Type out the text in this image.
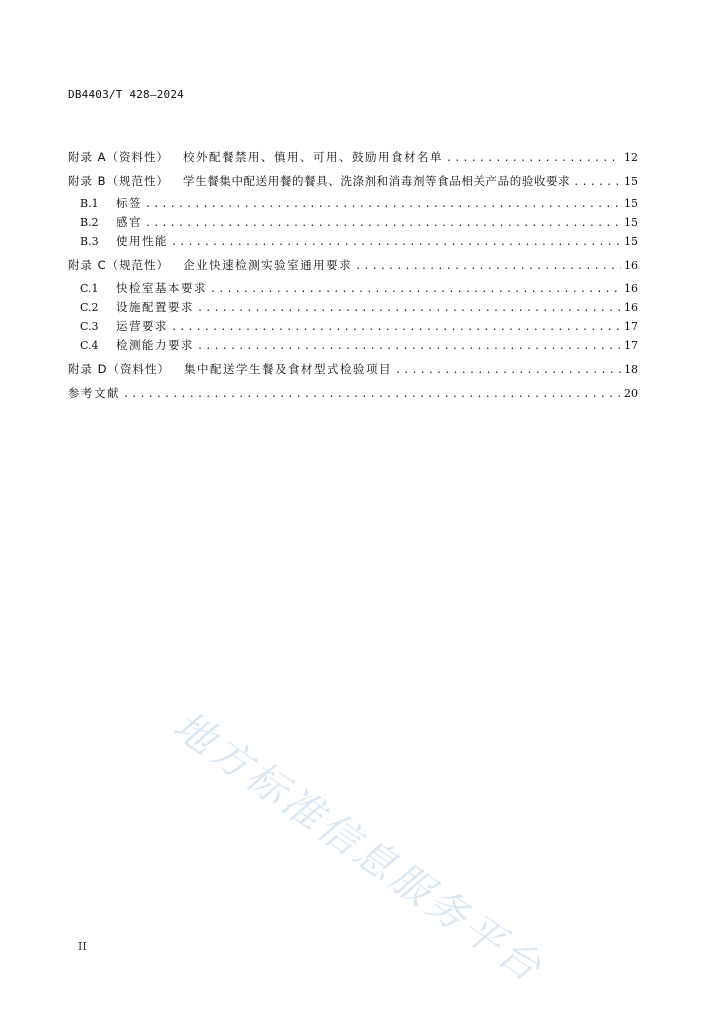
DB4403/T 428—2024
附录 A（资料性） 校外配餐禁用、慎用、可用、鼓励用食材名单 .....	12
附录 B（规范性） 学生餐集中配送用餐的餐具、洗涤剂和消毒剂等食品相关产品的验收要求 .....	15
B.1	标签 .....	15
B.2	感官 .....	15
B.3	使用性能 .....	15
附录 C（规范性） 企业快速检测实验室通用要求 .....	16
C.1	快检室基本要求 .....	16
C.2	设施配置要求 .....	16
C.3	运营要求 .....	17
C.4	检测能力要求 .....	17
附录 D（资料性） 集中配送学生餐及食材型式检验项目 .....	18
参考文献 .....	20
地方标准信息服务平台
II
